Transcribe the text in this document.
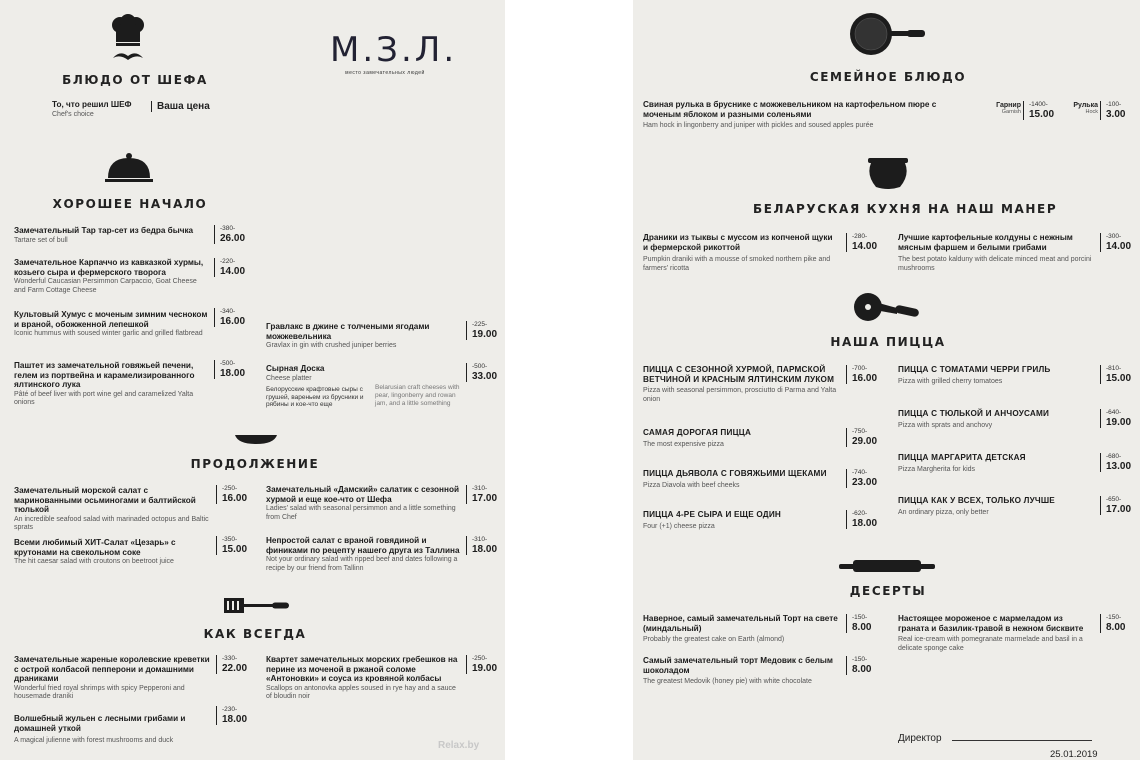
М.З.Л.
место замечательных людей
БЛЮДО ОТ ШЕФА
То, что решил ШЕФ
Chef's choice
Ваша цена
ХОРОШЕЕ НАЧАЛО
Замечательный Тар тар-сет из бедра бычка
Tartare set of bull
-380-
26.00
Замечательное Карпаччо из кавказкой хурмы, козьего сыра и фермерского творога
Wonderful Caucasian Persimmon Carpaccio, Goat Cheese and Farm Cottage Cheese
-220-
14.00
Культовый Хумус с моченым зимним чесноком и враной, обожженной лепешкой
Iconic hummus with soused winter garlic and grilled flatbread
-340-
16.00
Паштет из замечательной говяжьей печени, гелем из портвейна и карамелизированного ялтинского лука
Pâté of beef liver with port wine gel and caramelized Yalta onions
-500-
18.00
Гравлакс в джине с толчеными ягодами можжевельника
Gravlax in gin with crushed juniper berries
-225-
19.00
Сырная Доска
Cheese platter
Белорусские крафтовые сыры с грушей, вареньем из брусники и рябины и кое-что еще
Belarusian craft cheeses with pear, lingonberry and rowan jam, and a little something
-500-
33.00
ПРОДОЛЖЕНИЕ
Замечательный морской салат с маринованными осьминогами и балтийской тюлькой
An incredible seafood salad with marinaded octopus and Baltic sprats
-250-
16.00
Всеми любимый ХИТ-Салат «Цезарь» с крутонами на свекольном соке
The hit caesar salad with croutons on beetroot juice
-350-
15.00
Замечательный «Дамский» салатик с сезонной хурмой и еще кое-что от Шефа
Ladies' salad with seasonal persimmon and a little something from Chef
-310-
17.00
Непростой салат с враной говядиной и финиками по рецепту нашего друга из Таллина
Not your ordinary salad with ripped beef and dates following a recipe by our friend from Tallinn
-310-
18.00
КАК ВСЕГДА
Замечательные жареные королевские креветки с острой колбасой пепперони и домашними драниками
Wonderful fried royal shrimps with spicy Pepperoni and housemade draniki
-330-
22.00
Волшебный жульен с лесными грибами и домашней уткой
A magical julienne with forest mushrooms and duck
-230-
18.00
Квартет замечательных морских гребешков на перине из моченой в ржаной соломе «Антоновки» и соуса из кровяной колбасы
Scallops on antonovka apples soused in rye hay and a sauce of bloudin noir
-250-
19.00
Relax.by
СЕМЕЙНОЕ БЛЮДО
Свиная рулька в бруснике с можжевельником на картофельном пюре с моченым яблоком и разными соленьями
Ham hock in lingonberry and juniper with pickles and soused apples purée
Гарнир
Garnish
-1400-
15.00
Рулька
Hock
-100-
3.00
БЕЛАРУСКАЯ КУХНЯ НА НАШ МАНЕР
Драники из тыквы с муссом из копченой щуки и фермерской рикоттой
Pumpkin draniki with a mousse of smoked northern pike and farmers' ricotta
-280-
14.00
Лучшие картофельные колдуны с нежным мясным фаршем и белыми грибами
The best potato kalduny with delicate minced meat and porcini mushrooms
-300-
14.00
НАША ПИЦЦА
ПИЦЦА С СЕЗОННОЙ ХУРМОЙ, ПАРМСКОЙ ВЕТЧИНОЙ И КРАСНЫМ ЯЛТИНСКИМ ЛУКОМ
Pizza with seasonal persimmon, prosciutto di Parma and Yalta onion
-700-
16.00
САМАЯ ДОРОГАЯ ПИЦЦА
The most expensive pizza
-750-
29.00
ПИЦЦА ДЬЯВОЛА С ГОВЯЖЬИМИ ЩЕКАМИ
Pizza Diavola with beef cheeks
-740-
23.00
ПИЦЦА 4-РЕ СЫРА И ЕЩЕ ОДИН
Four (+1) cheese pizza
-620-
18.00
ПИЦЦА С ТОМАТАМИ ЧЕРРИ ГРИЛЬ
Pizza with grilled cherry tomatoes
-810-
15.00
ПИЦЦА С ТЮЛЬКОЙ И АНЧОУСАМИ
Pizza with sprats and anchovy
-640-
19.00
ПИЦЦА МАРГАРИТА ДЕТСКАЯ
Pizza Margherita for kids
-680-
13.00
ПИЦЦА КАК У ВСЕХ, ТОЛЬКО ЛУЧШЕ
An ordinary pizza, only better
-650-
17.00
ДЕСЕРТЫ
Наверное, самый замечательный Торт на свете (миндальный)
Probably the greatest cake on Earth (almond)
-150-
8.00
Самый замечательный торт Медовик с белым шоколадом
The greatest Medovik (honey pie) with white chocolate
-150-
8.00
Настоящее мороженое с мармеладом из граната и базилик-травой в нежном бисквите
Real ice-cream with pomegranate marmelade and basil in a delicate sponge cake
-150-
8.00
Директор
25.01.2019
